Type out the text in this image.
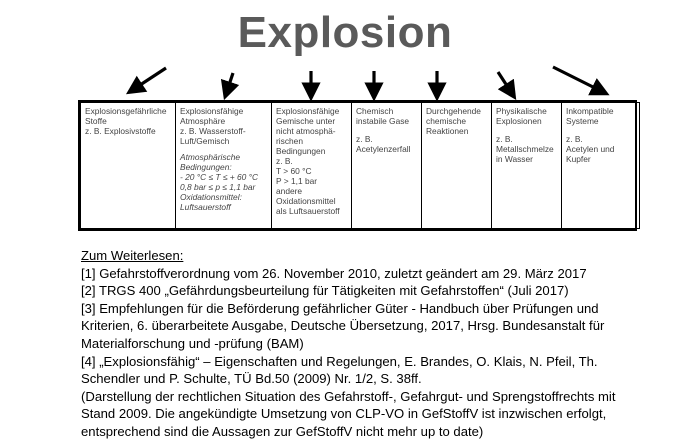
Explosion
Explosionsgefährliche
Stoffe
z. B. Explosivstoffe

Explosionsfähige
Atmosphäre
z. B. Wasserstoff-
Luft/Gemisch
Atmosphärische
Bedingungen:
- 20 °C ≤ T ≤ + 60 °C
0,8 bar ≤ p ≤ 1,1 bar
Oxidationsmittel:
Luftsauerstoff

Explosionsfähige
Gemische unter
nicht atmosphä-
rischen
Bedingungen
z. B.
T > 60 °C
P > 1,1 bar
andere
Oxidationsmittel
als Luftsauerstoff

Chemisch
instabile Gase
z. B.
Acetylenzerfall

Durchgehende
chemische
Reaktionen

Physikalische
Explosionen
z. B.
Metallschmelze
in Wasser

Inkompatible
Systeme
z. B.
Acetylen und
Kupfer
Zum Weiterlesen:
[1] Gefahrstoffverordnung vom 26. November 2010, zuletzt geändert am 29. März 2017
[2] TRGS 400 „Gefährdungsbeurteilung für Tätigkeiten mit Gefahrstoffen“ (Juli 2017)
[3] Empfehlungen für die Beförderung gefährlicher Güter - Handbuch über Prüfungen und
Kriterien, 6. überarbeitete Ausgabe, Deutsche Übersetzung, 2017, Hrsg. Bundesanstalt für
Materialforschung und -prüfung (BAM)
[4] „Explosionsfähig“ – Eigenschaften und Regelungen, E. Brandes, O. Klais, N. Pfeil, Th.
Schendler und P. Schulte, TÜ Bd.50 (2009) Nr. 1/2, S. 38ff.
(Darstellung der rechtlichen Situation des Gefahrstoff-, Gefahrgut- und Sprengstoffrechts mit
Stand 2009. Die angekündigte Umsetzung von CLP-VO in GefStoffV ist inzwischen erfolgt,
entsprechend sind die Aussagen zur GefStoffV nicht mehr up to date)
